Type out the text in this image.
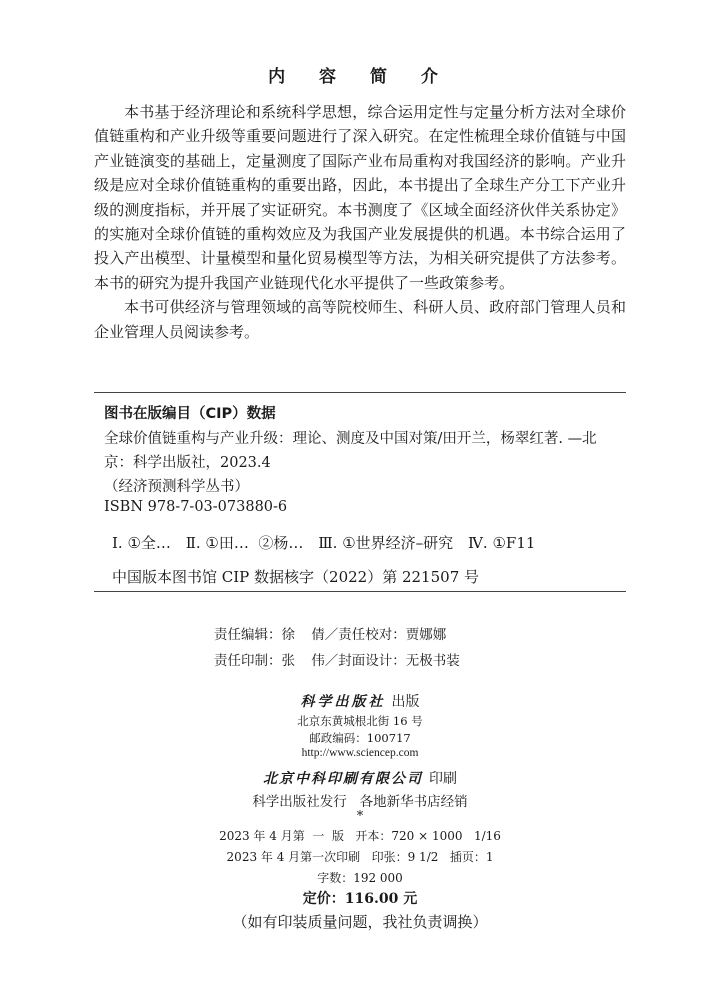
内 容 简 介

本书基于经济理论和系统科学思想，综合运用定性与定量分析方法对全球价值链重构和产业升级等重要问题进行了深入研究。在定性梳理全球价值链与中国产业链演变的基础上，定量测度了国际产业布局重构对我国经济的影响。产业升级是应对全球价值链重构的重要出路，因此，本书提出了全球生产分工下产业升级的测度指标，并开展了实证研究。本书测度了《区域全面经济伙伴关系协定》的实施对全球价值链的重构效应及为我国产业发展提供的机遇。本书综合运用了投入产出模型、计量模型和量化贸易模型等方法，为相关研究提供了方法参考。本书的研究为提升我国产业链现代化水平提供了一些政策参考。

本书可供经济与管理领域的高等院校师生、科研人员、政府部门管理人员和企业管理人员阅读参考。

图书在版编目（CIP）数据
全球价值链重构与产业升级：理论、测度及中国对策/田开兰，杨翠红著. —北京：科学出版社，2023.4
（经济预测科学丛书）
ISBN 978-7-03-073880-6
Ⅰ. ①全… Ⅱ. ①田…  ②杨… Ⅲ. ①世界经济–研究 Ⅳ. ①F11
中国版本图书馆 CIP 数据核字（2022）第 221507 号
责任编辑：徐  倩／责任校对：贾娜娜
责任印制：张  伟／封面设计：无极书装
科学出版社 出版
北京东黄城根北街 16 号
邮政编码：100717
http://www.sciencep.com
北京中科印刷有限公司 印刷
科学出版社发行   各地新华书店经销
*
2023 年 4 月第  一  版   开本：720 × 1000   1/16
2023 年 4 月第一次印刷   印张：9 1/2   插页：1
字数：192 000
定价：116.00 元
（如有印装质量问题，我社负责调换）
